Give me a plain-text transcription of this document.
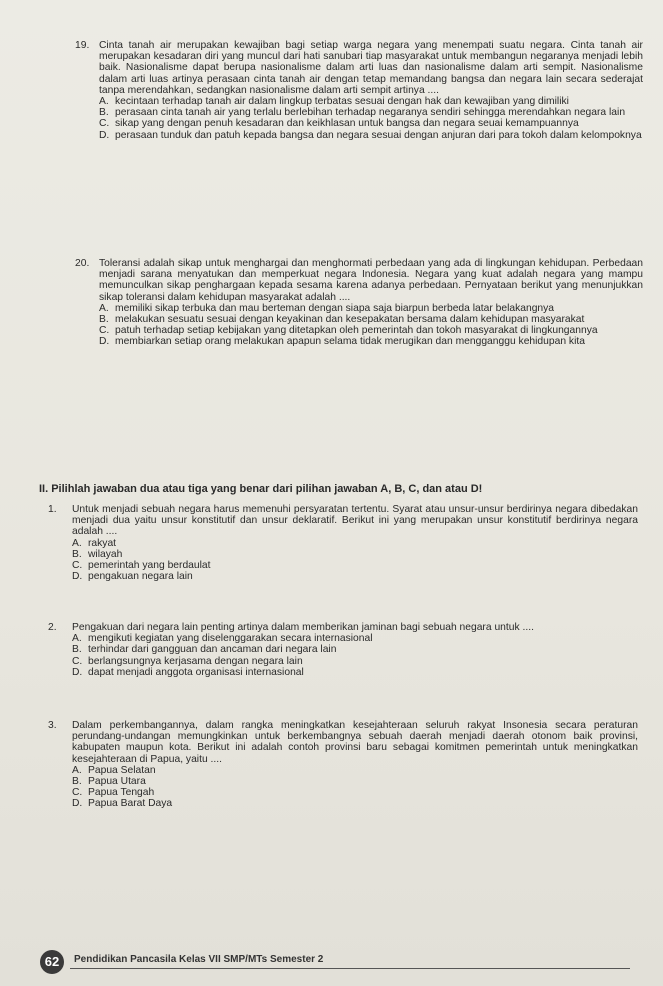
19. Cinta tanah air merupakan kewajiban bagi setiap warga negara yang menempati suatu negara. Cinta tanah air merupakan kesadaran diri yang muncul dari hati sanubari tiap masyarakat untuk membangun negaranya menjadi lebih baik. Nasionalisme dapat berupa nasionalisme dalam arti luas dan nasionalisme dalam arti sempit. Nasionalisme dalam arti luas artinya perasaan cinta tanah air dengan tetap memandang bangsa dan negara lain secara sederajat tanpa merendahkan, sedangkan nasionalisme dalam arti sempit artinya ....
A. kecintaan terhadap tanah air dalam lingkup terbatas sesuai dengan hak dan kewajiban yang dimiliki
B. perasaan cinta tanah air yang terlalu berlebihan terhadap negaranya sendiri sehingga merendahkan negara lain
C. sikap yang dengan penuh kesadaran dan keikhlasan untuk bangsa dan negara seuai kemampuannya
D. perasaan tunduk dan patuh kepada bangsa dan negara sesuai dengan anjuran dari para tokoh dalam kelompoknya
20. Toleransi adalah sikap untuk menghargai dan menghormati perbedaan yang ada di lingkungan kehidupan. Perbedaan menjadi sarana menyatukan dan memperkuat negara Indonesia. Negara yang kuat adalah negara yang mampu memunculkan sikap penghargaan kepada sesama karena adanya perbedaan. Pernyataan berikut yang menunjukkan sikap toleransi dalam kehidupan masyarakat adalah ....
A. memiliki sikap terbuka dan mau berteman dengan siapa saja biarpun berbeda latar belakangnya
B. melakukan sesuatu sesuai dengan keyakinan dan kesepakatan bersama dalam kehidupan masyarakat
C. patuh terhadap setiap kebijakan yang ditetapkan oleh pemerintah dan tokoh masyarakat di lingkungannya
D. membiarkan setiap orang melakukan apapun selama tidak merugikan dan mengganggu kehidupan kita
II. Pilihlah jawaban dua atau tiga yang benar dari pilihan jawaban A, B, C, dan atau D!
1. Untuk menjadi sebuah negara harus memenuhi persyaratan tertentu. Syarat atau unsur-unsur berdirinya negara dibedakan menjadi dua yaitu unsur konstitutif dan unsur deklaratif. Berikut ini yang merupakan unsur konstitutif berdirinya negara adalah ....
A. rakyat
B. wilayah
C. pemerintah yang berdaulat
D. pengakuan negara lain
2. Pengakuan dari negara lain penting artinya dalam memberikan jaminan bagi sebuah negara untuk ....
A. mengikuti kegiatan yang diselenggarakan secara internasional
B. terhindar dari gangguan dan ancaman dari negara lain
C. berlangsungnya kerjasama dengan negara lain
D. dapat menjadi anggota organisasi internasional
3. Dalam perkembangannya, dalam rangka meningkatkan kesejahteraan seluruh rakyat Insonesia secara peraturan perundang-undangan memungkinkan untuk berkembangnya sebuah daerah menjadi daerah otonom baik provinsi, kabupaten maupun kota. Berikut ini adalah contoh provinsi baru sebagai komitmen pemerintah untuk meningkatkan kesejahteraan di Papua, yaitu ....
A. Papua Selatan
B. Papua Utara
C. Papua Tengah
D. Papua Barat Daya
62	Pendidikan Pancasila Kelas VII SMP/MTs Semester 2
